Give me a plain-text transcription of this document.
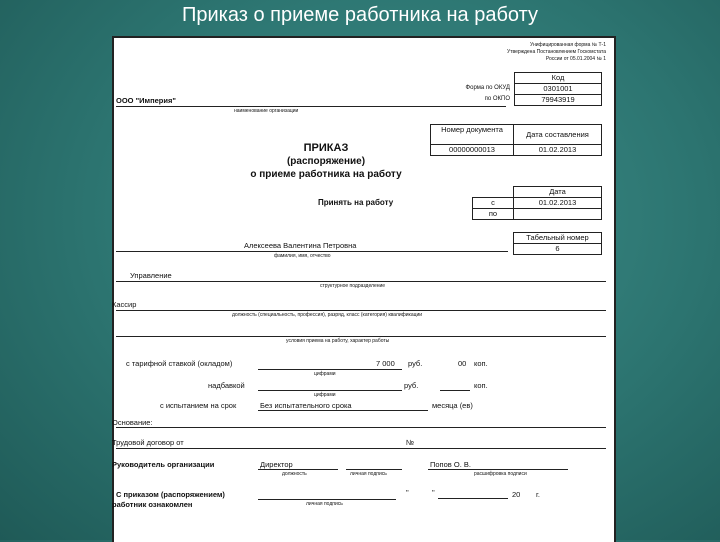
Приказ о приеме работника на работу
Унифицированная форма № Т-1
Утверждена Постановлением Госкомстата
России от 05.01.2004 № 1
Код
0301001
79943919
Форма по ОКУД
по ОКПО
ООО "Империя"
наименование организации
Номер документа
Дата составления
00000000013	01.02.2013
ПРИКАЗ
(распоряжение)
о приеме работника на работу
Дата
с	01.02.2013
по
Принять на работу
Табельный номер
6
Алексеева Валентина Петровна
фамилия, имя, отчество
Управление
структурное подразделение
Кассир
должность (специальность, профессия), разряд, класс (категория) квалификации
условия приема на работу, характер работы
с тарифной ставкой (окладом)	7 000 руб.	00 коп.
цифрами
надбавкой	руб.	коп.
цифрами
с испытанием на срок	Без испытательного срока	месяца (ев)
Основание:
Трудовой договор от	№
Руководитель организации	Директор	Попов О. В.
должность	личная подпись	расшифровка подписи
С приказом (распоряжением)
работник ознакомлен	личная подпись
"	"	20 г.
